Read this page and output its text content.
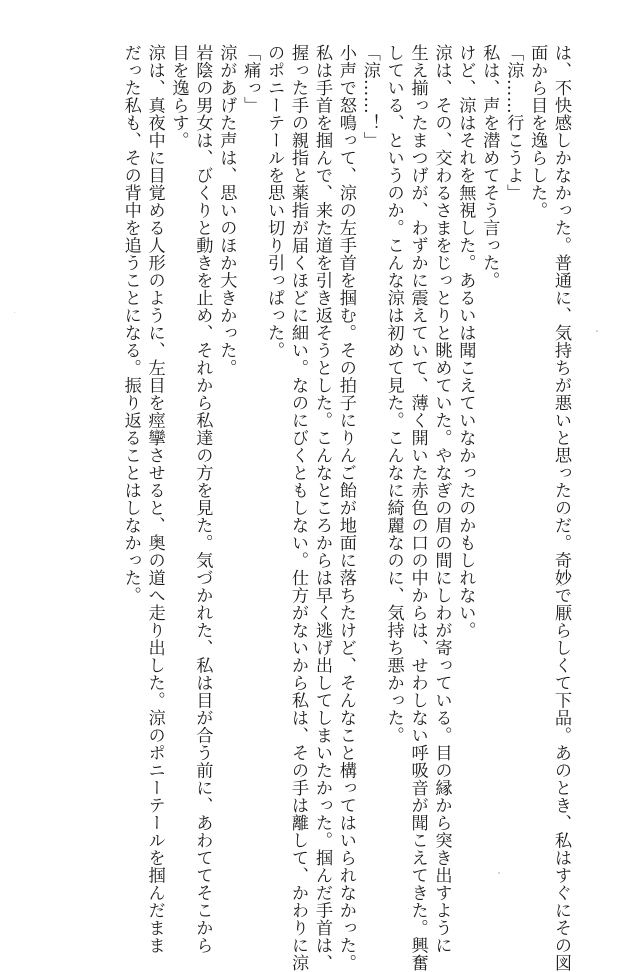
は、不快感しかなかった。普通に、気持ちが悪いと思ったのだ。奇妙で厭らしくて下品。あのとき、私はすぐにその図
面から目を逸らした。
「涼……行こうよ」
私は、声を潜めてそう言った。
けど、涼はそれを無視した。あるいは聞こえていなかったのかもしれない。
涼は、その、交わるさまをじっとりと眺めていた。やなぎの眉の間にしわが寄っている。目の縁から突き出すように
生え揃ったまつげが、わずかに震えていて、薄く開いた赤色の口の中からは、せわしない呼吸音が聞こえてきた。興奮
している、というのか。こんな涼は初めて見た。こんなに綺麗なのに、気持ち悪かった。
「涼……！」
小声で怒鳴って、涼の左手首を掴む。その拍子にりんご飴が地面に落ちたけど、そんなこと構ってはいられなかった。
私は手首を掴んで、来た道を引き返そうとした。こんなところからは早く逃げ出してしまいたかった。掴んだ手首は、
握った手の親指と薬指が届くほどに細い。なのにびくともしない。仕方がないから私は、その手は離して、かわりに涼
のポニーテールを思い切り引っぱった。
「痛っ」
涼があげた声は、思いのほか大きかった。
岩陰の男女は、びくりと動きを止め、それから私達の方を見た。気づかれた、私は目が合う前に、あわててそこから
目を逸らす。
涼は、真夜中に目覚める人形のように、左目を痙攣させると、奥の道へ走り出した。涼のポニーテールを掴んだまま
だった私も、その背中を追うことになる。振り返ることはしなかった。
